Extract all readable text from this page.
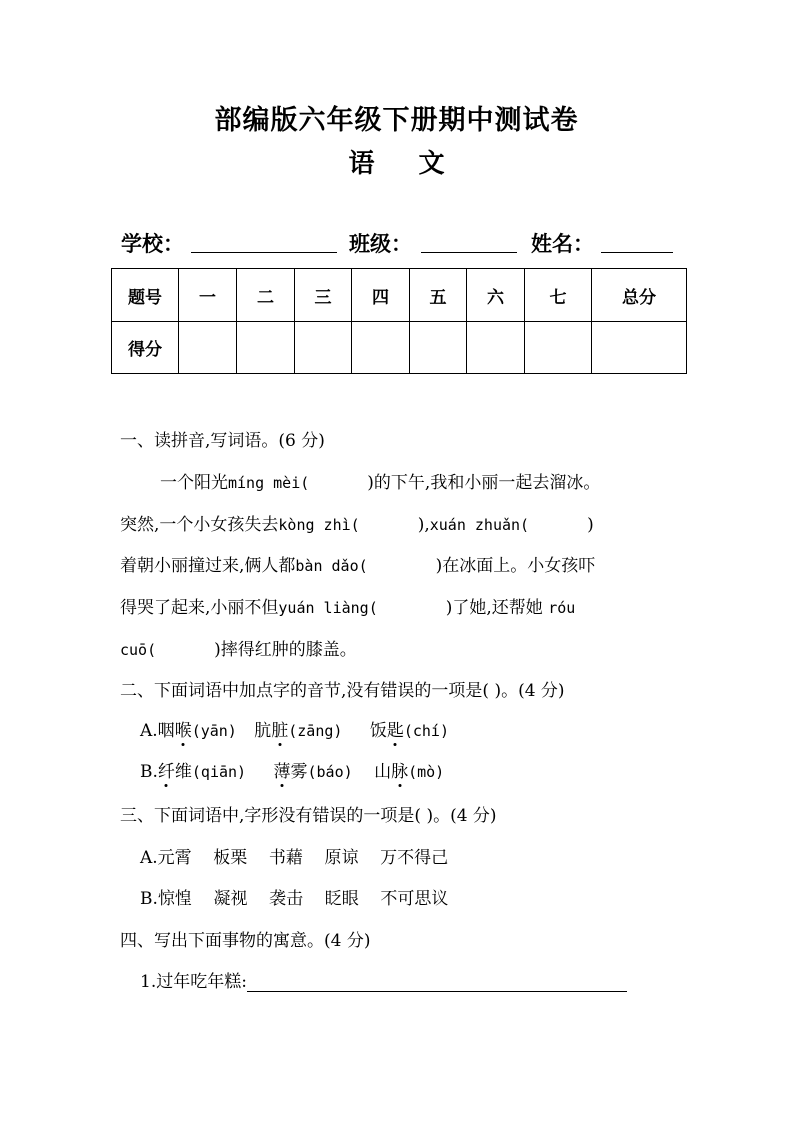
部编版六年级下册期中测试卷
语 文
学校：	班级：	姓名：
题号	一	二	三	四	五	六	七	总分
得分								
一、读拼音,写词语。(6 分)
一个阳光míng mèi(	)的下午,我和小丽一起去溜冰。
突然,一个小女孩失去kòng zhì(	),xuán zhuǎn(	)
着朝小丽撞过来,俩人都bàn dǎo(	)在冰面上。小女孩吓
得哭了起来,小丽不但yuán liàng(	)了她,还帮她 róu
cuō(	)摔得红肿的膝盖。
二、下面词语中加点字的音节,没有错误的一项是( )。(4 分)
A.咽喉(yān) 肮脏(zāng) 饭匙(chí)
B.纤维(qiān) 薄雾(báo) 山脉(mò)
三、下面词语中,字形没有错误的一项是( )。(4 分)
A.元霄    板栗    书藉    原谅    万不得己
B.惊惶    凝视    袭击    眨眼    不可思议
四、写出下面事物的寓意。(4 分)
1.过年吃年糕:
